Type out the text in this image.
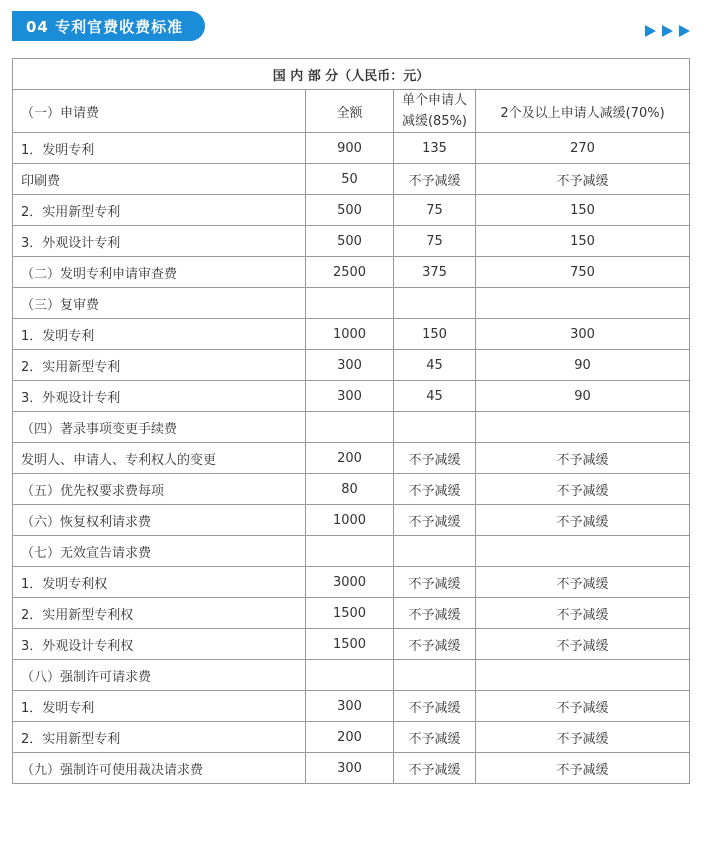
04 专利官费收费标准
国 内 部 分（人民币：元）			
（一）申请费	全额	单个申请人减缓(85%)	2个及以上申请人减缓(70%)
1．发明专利	900	135	270
印刷费	50	不予减缓	不予减缓
2．实用新型专利	500	75	150
3．外观设计专利	500	75	150
（二）发明专利申请审查费	2500	375	750
（三）复审费			
1．发明专利	1000	150	300
2．实用新型专利	300	45	90
3．外观设计专利	300	45	90
（四）著录事项变更手续费			
发明人、申请人、专利权人的变更	200	不予减缓	不予减缓
（五）优先权要求费每项	80	不予减缓	不予减缓
（六）恢复权利请求费	1000	不予减缓	不予减缓
（七）无效宣告请求费			
1．发明专利权	3000	不予减缓	不予减缓
2．实用新型专利权	1500	不予减缓	不予减缓
3．外观设计专利权	1500	不予减缓	不予减缓
（八）强制许可请求费			
1．发明专利	300	不予减缓	不予减缓
2．实用新型专利	200	不予减缓	不予减缓
（九）强制许可使用裁决请求费	300	不予减缓	不予减缓
